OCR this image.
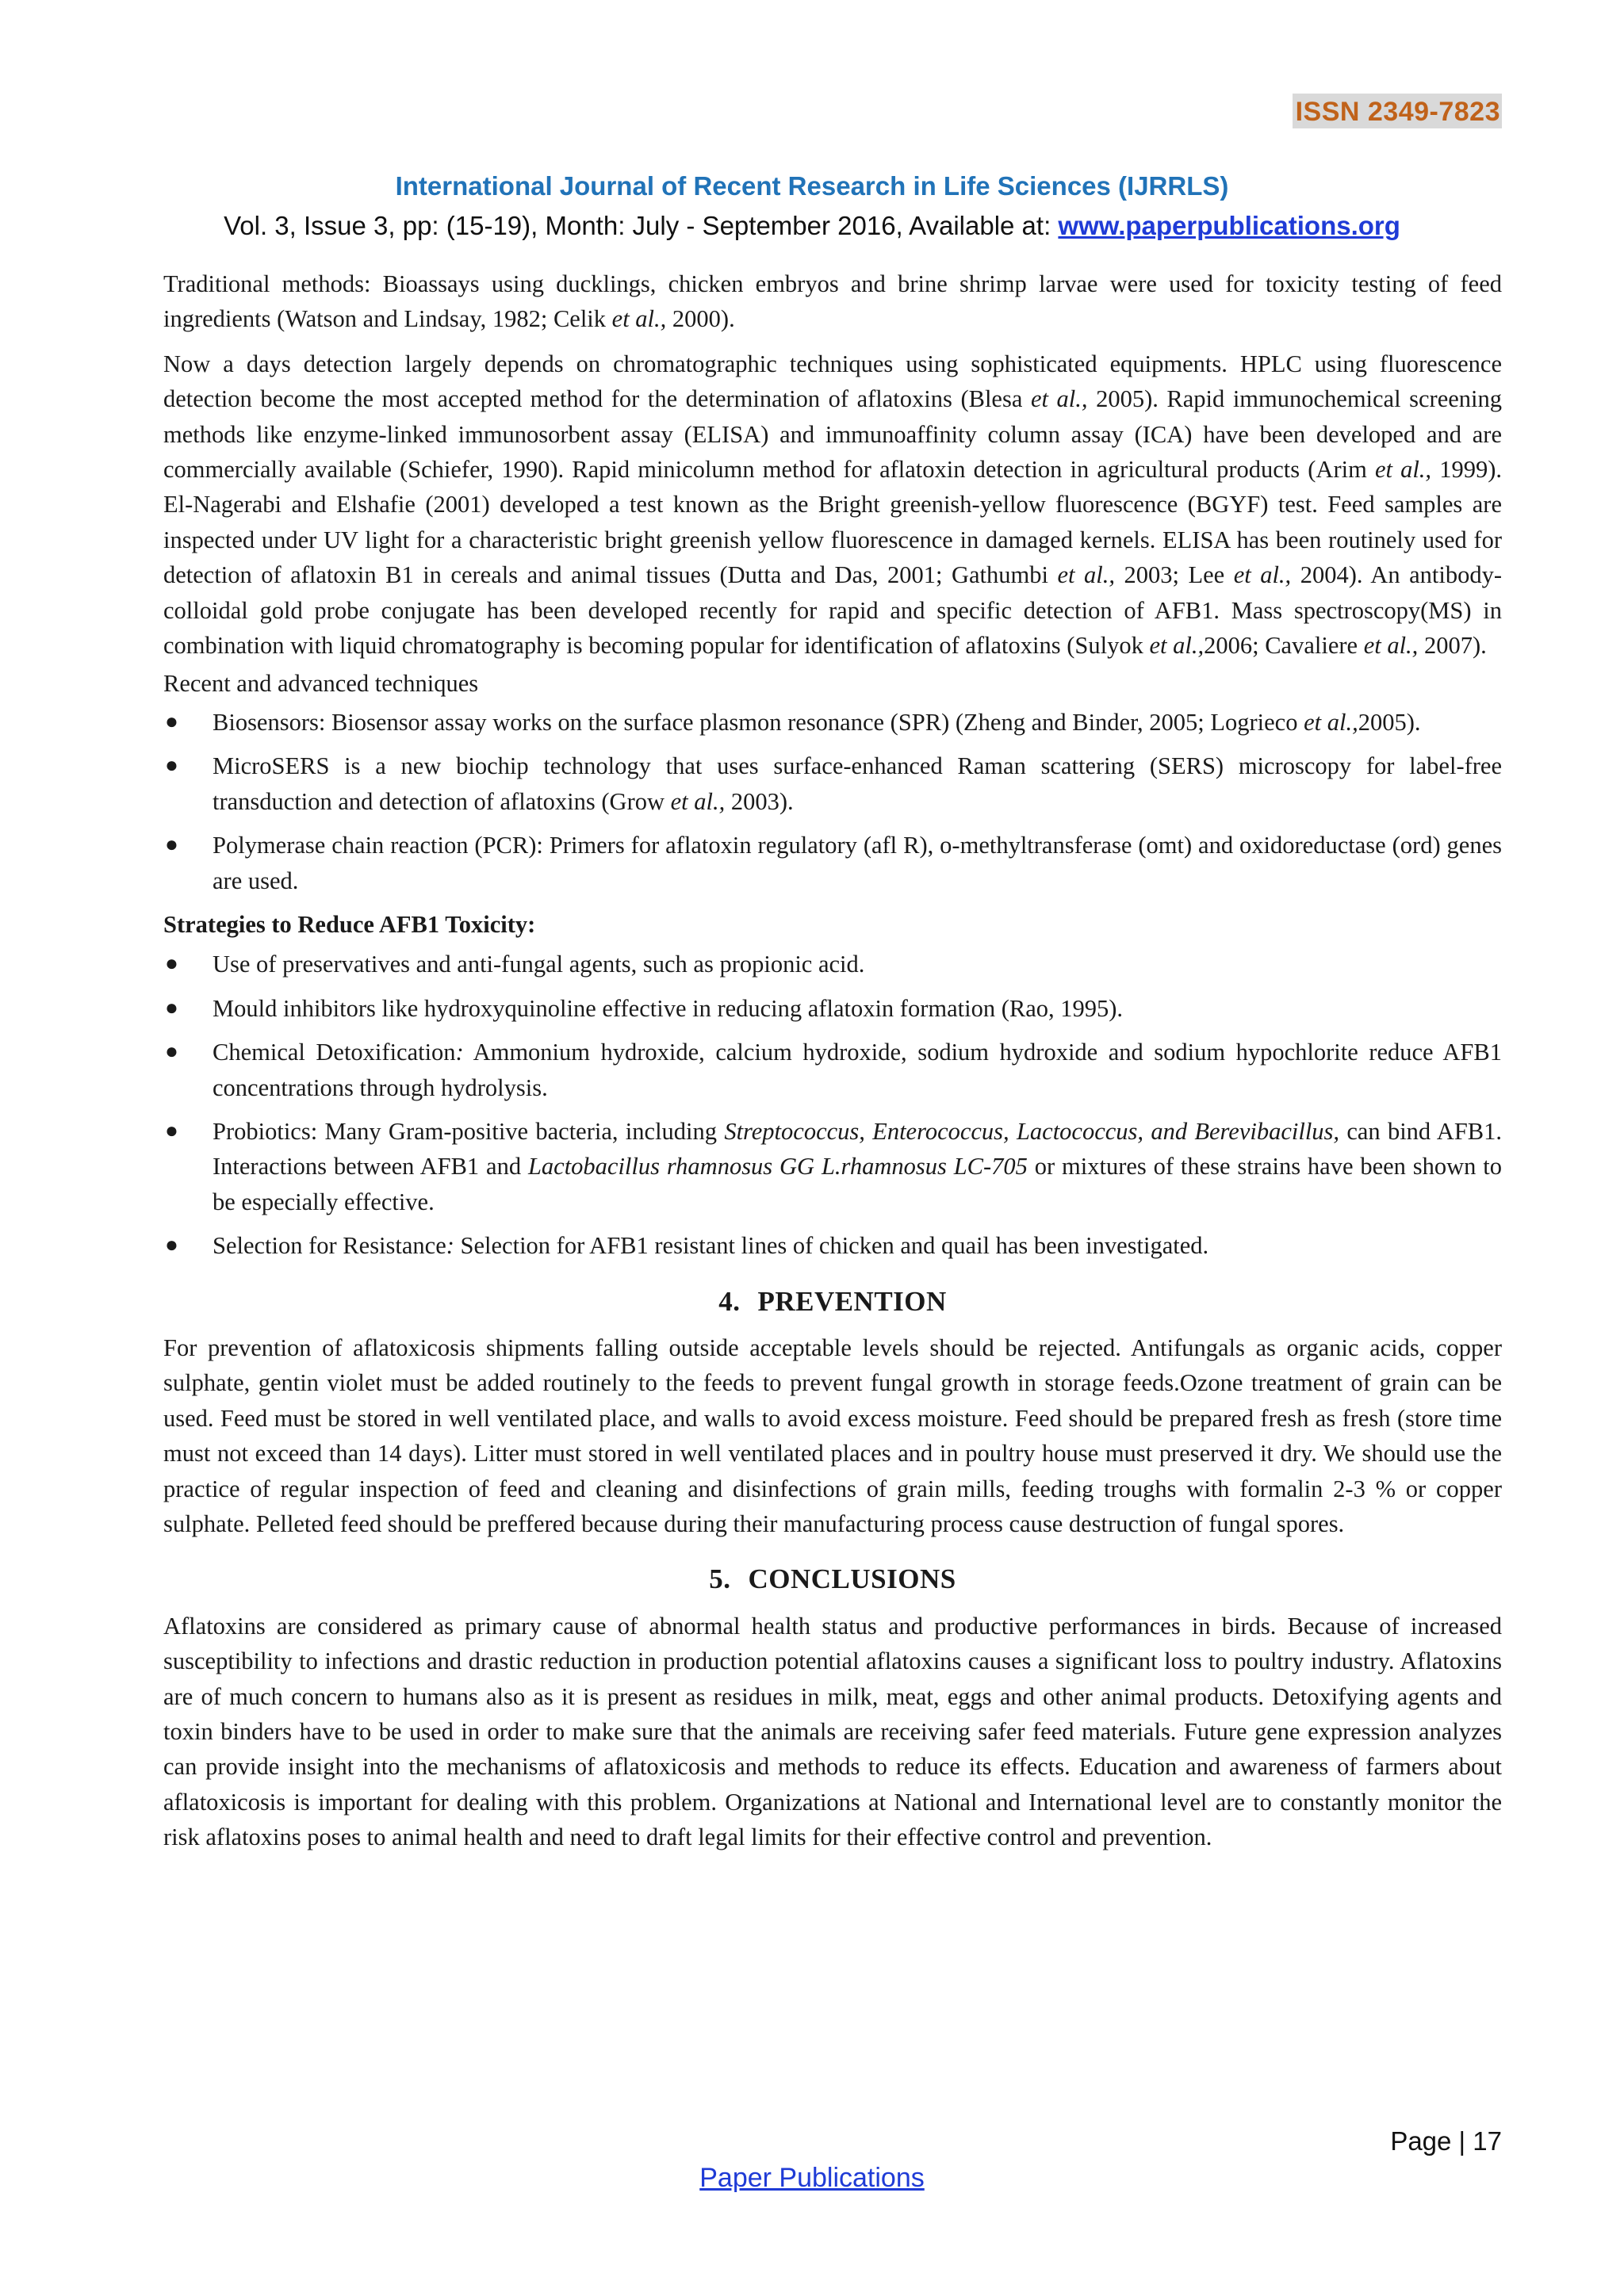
ISSN 2349-7823
International Journal of Recent Research in Life Sciences (IJRRLS)
Vol. 3, Issue 3, pp: (15-19), Month: July - September 2016, Available at: www.paperpublications.org

Traditional methods: Bioassays using ducklings, chicken embryos and brine shrimp larvae were used for toxicity testing of feed ingredients (Watson and Lindsay, 1982; Celik et al., 2000).

Now a days detection largely depends on chromatographic techniques using sophisticated equipments. HPLC using fluorescence detection become the most accepted method for the determination of aflatoxins (Blesa et al., 2005). Rapid immunochemical screening methods like enzyme-linked immunosorbent assay (ELISA) and immunoaffinity column assay (ICA) have been developed and are commercially available (Schiefer, 1990). Rapid minicolumn method for aflatoxin detection in agricultural products (Arim et al., 1999). El-Nagerabi and Elshafie (2001) developed a test known as the Bright greenish-yellow fluorescence (BGYF) test. Feed samples are inspected under UV light for a characteristic bright greenish yellow fluorescence in damaged kernels. ELISA has been routinely used for detection of aflatoxin B1 in cereals and animal tissues (Dutta and Das, 2001; Gathumbi et al., 2003; Lee et al., 2004). An antibody-colloidal gold probe conjugate has been developed recently for rapid and specific detection of AFB1. Mass spectroscopy(MS) in combination with liquid chromatography is becoming popular for identification of aflatoxins (Sulyok et al.,2006; Cavaliere et al., 2007).

Recent and advanced techniques

● Biosensors: Biosensor assay works on the surface plasmon resonance (SPR) (Zheng and Binder, 2005; Logrieco et al.,2005).
● MicroSERS is a new biochip technology that uses surface-enhanced Raman scattering (SERS) microscopy for label-free transduction and detection of aflatoxins (Grow et al., 2003).
● Polymerase chain reaction (PCR): Primers for aflatoxin regulatory (afl R), o-methyltransferase (omt) and oxidoreductase (ord) genes are used.
Strategies to Reduce AFB1 Toxicity:
● Use of preservatives and anti-fungal agents, such as propionic acid.
● Mould inhibitors like hydroxyquinoline effective in reducing aflatoxin formation (Rao, 1995).
● Chemical Detoxification: Ammonium hydroxide, calcium hydroxide, sodium hydroxide and sodium hypochlorite reduce AFB1 concentrations through hydrolysis.
● Probiotics: Many Gram-positive bacteria, including Streptococcus, Enterococcus, Lactococcus, and Berevibacillus, can bind AFB1. Interactions between AFB1 and Lactobacillus rhamnosus GG L.rhamnosus LC-705 or mixtures of these strains have been shown to be especially effective.
● Selection for Resistance: Selection for AFB1 resistant lines of chicken and quail has been investigated.
4. PREVENTION

For prevention of aflatoxicosis shipments falling outside acceptable levels should be rejected. Antifungals as organic acids, copper sulphate, gentin violet must be added routinely to the feeds to prevent fungal growth in storage feeds.Ozone treatment of grain can be used. Feed must be stored in well ventilated place, and walls to avoid excess moisture. Feed should be prepared fresh as fresh (store time must not exceed than 14 days). Litter must stored in well ventilated places and in poultry house must preserved it dry. We should use the practice of regular inspection of feed and cleaning and disinfections of grain mills, feeding troughs with formalin 2-3 % or copper sulphate. Pelleted feed should be preffered because during their manufacturing process cause destruction of fungal spores.

5. CONCLUSIONS

Aflatoxins are considered as primary cause of abnormal health status and productive performances in birds. Because of increased susceptibility to infections and drastic reduction in production potential aflatoxins causes a significant loss to poultry industry. Aflatoxins are of much concern to humans also as it is present as residues in milk, meat, eggs and other animal products. Detoxifying agents and toxin binders have to be used in order to make sure that the animals are receiving safer feed materials. Future gene expression analyzes can provide insight into the mechanisms of aflatoxicosis and methods to reduce its effects. Education and awareness of farmers about aflatoxicosis is important for dealing with this problem. Organizations at National and International level are to constantly monitor the risk aflatoxins poses to animal health and need to draft legal limits for their effective control and prevention.

Page | 17
Paper Publications
